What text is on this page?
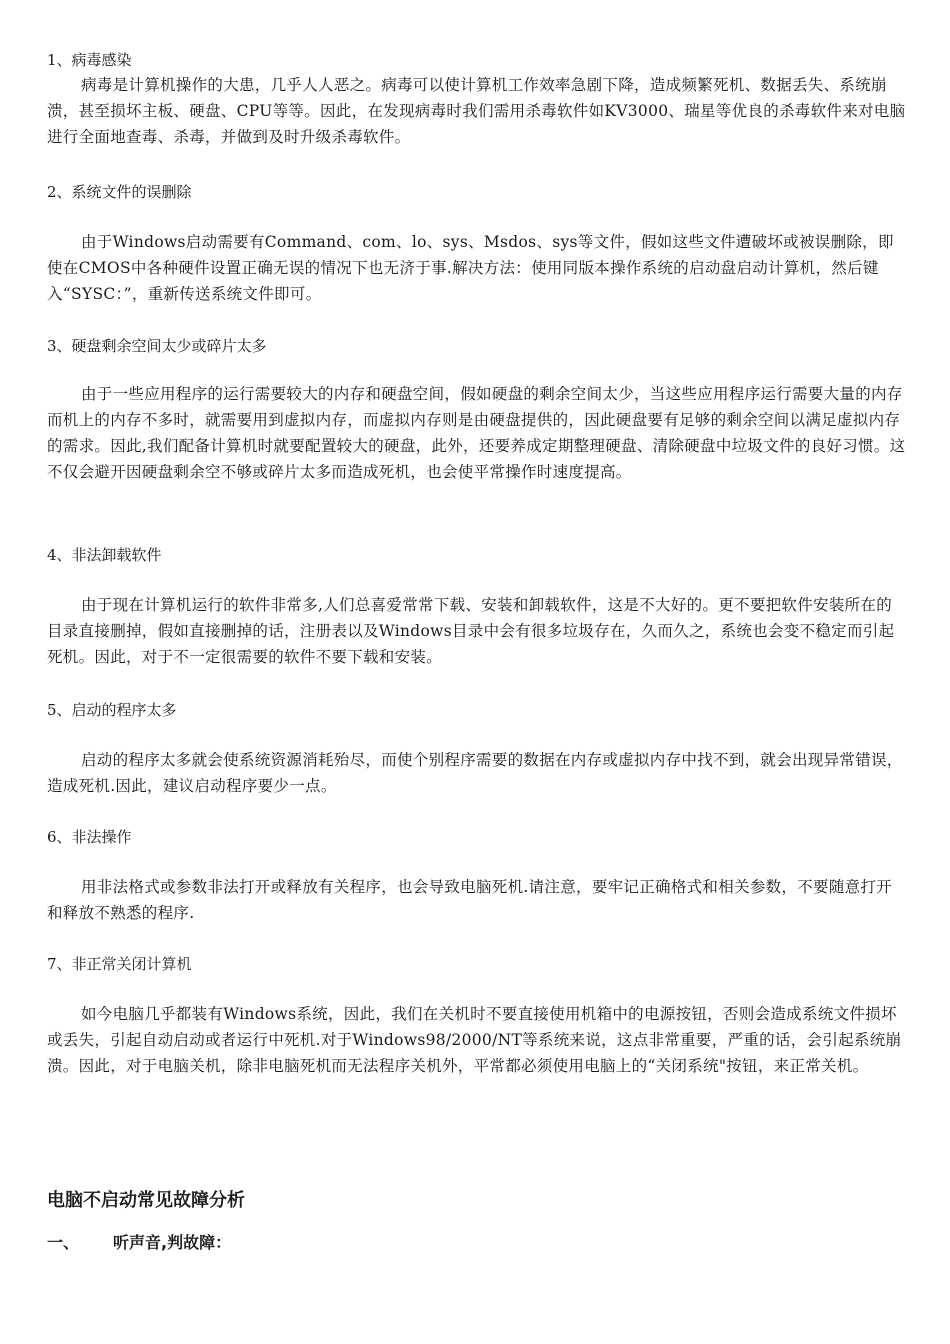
1、病毒感染
病毒是计算机操作的大患，几乎人人恶之。病毒可以使计算机工作效率急剧下降，造成频繁死机、数据丢失、系统崩溃，甚至损坏主板、硬盘、CPU等等。因此，在发现病毒时我们需用杀毒软件如KV3000、瑞星等优良的杀毒软件来对电脑进行全面地查毒、杀毒，并做到及时升级杀毒软件。
2、系统文件的误删除
由于Windows启动需要有Command、com、lo、sys、Msdos、sys等文件，假如这些文件遭破坏或被误删除，即使在CMOS中各种硬件设置正确无误的情况下也无济于事.解决方法：使用同版本操作系统的启动盘启动计算机，然后键入“SYSC：”，重新传送系统文件即可。
3、硬盘剩余空间太少或碎片太多
由于一些应用程序的运行需要较大的内存和硬盘空间，假如硬盘的剩余空间太少，当这些应用程序运行需要大量的内存而机上的内存不多时，就需要用到虚拟内存，而虚拟内存则是由硬盘提供的，因此硬盘要有足够的剩余空间以满足虚拟内存的需求。因此,我们配备计算机时就要配置较大的硬盘，此外，还要养成定期整理硬盘、清除硬盘中垃圾文件的良好习惯。这不仅会避开因硬盘剩余空不够或碎片太多而造成死机，也会使平常操作时速度提高。
4、非法卸载软件
由于现在计算机运行的软件非常多,人们总喜爱常常下载、安装和卸载软件，这是不大好的。更不要把软件安装所在的目录直接删掉，假如直接删掉的话，注册表以及Windows目录中会有很多垃圾存在，久而久之，系统也会变不稳定而引起死机。因此，对于不一定很需要的软件不要下载和安装。
5、启动的程序太多
启动的程序太多就会使系统资源消耗殆尽，而使个别程序需要的数据在内存或虚拟内存中找不到，就会出现异常错误，造成死机.因此，建议启动程序要少一点。
6、非法操作
用非法格式或参数非法打开或释放有关程序，也会导致电脑死机.请注意，要牢记正确格式和相关参数，不要随意打开和释放不熟悉的程序.
7、非正常关闭计算机
如今电脑几乎都装有Windows系统，因此，我们在关机时不要直接使用机箱中的电源按钮，否则会造成系统文件损坏或丢失，引起自动启动或者运行中死机.对于Windows98/2000/NT等系统来说，这点非常重要，严重的话，会引起系统崩溃。因此，对于电脑关机，除非电脑死机而无法程序关机外，平常都必须使用电脑上的“关闭系统"按钮，来正常关机。
电脑不启动常见故障分析
一、 听声音,判故障：
